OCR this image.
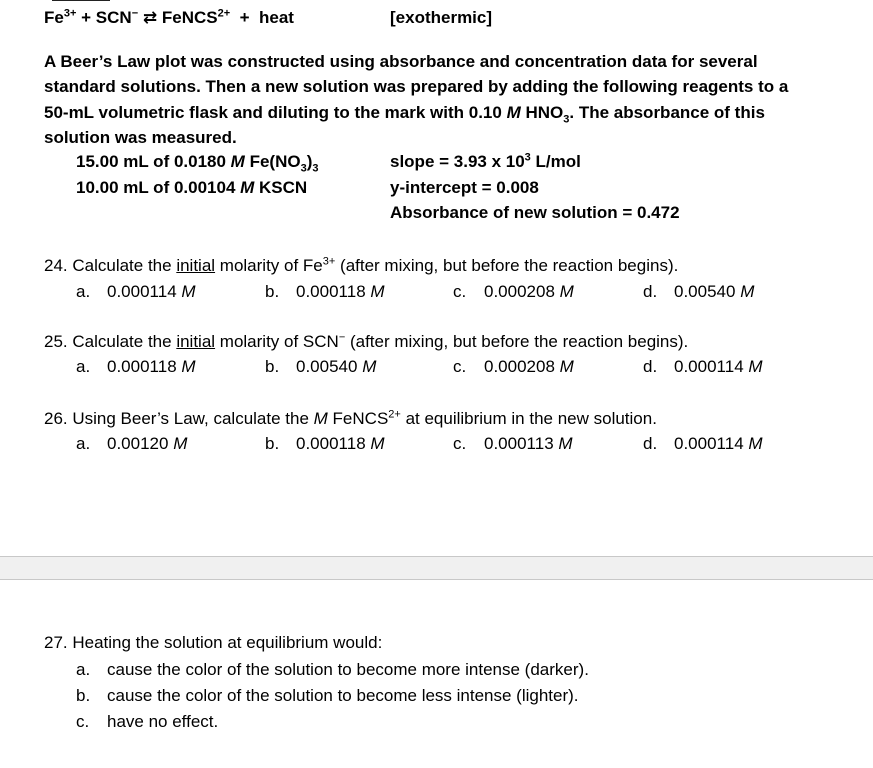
$Fe^{3+} + SCN^-$ ⇄ FeNCS$^{2+}$ + heat	[exothermic]
A Beer’s Law plot was constructed using absorbance and concentration data for several
standard solutions. Then a new solution was prepared by adding the following reagents to a
50-mL volumetric flask and diluting to the mark with 0.10 M $HNO_3$. The absorbance of this
solution was measured.
15.00 mL of 0.0180 M $Fe(NO_3)_3$
10.00 mL of 0.00104 M KSCN
slope = 3.93 x $10^3$ L/mol
y-intercept = 0.008
Absorbance of new solution = 0.472
24. Calculate the initial molarity of $Fe^{3+}$ (after mixing, but before the reaction begins).
a. 0.000114 M	b. 0.000118 M	c. 0.000208 M	d. 0.00540 M
25. Calculate the initial molarity of SCN− (after mixing, but before the reaction begins).
a. 0.000118 M	b. 0.00540 M	c. 0.000208 M	d. 0.000114 M
26. Using Beer’s Law, calculate the M FeNCS$^{2+}$ at equilibrium in the new solution.
a. 0.00120 M	b. 0.000118 M	c. 0.000113 M	d. 0.000114 M
27. Heating the solution at equilibrium would:
a. cause the color of the solution to become more intense (darker).
b. cause the color of the solution to become less intense (lighter).
c. have no effect.
